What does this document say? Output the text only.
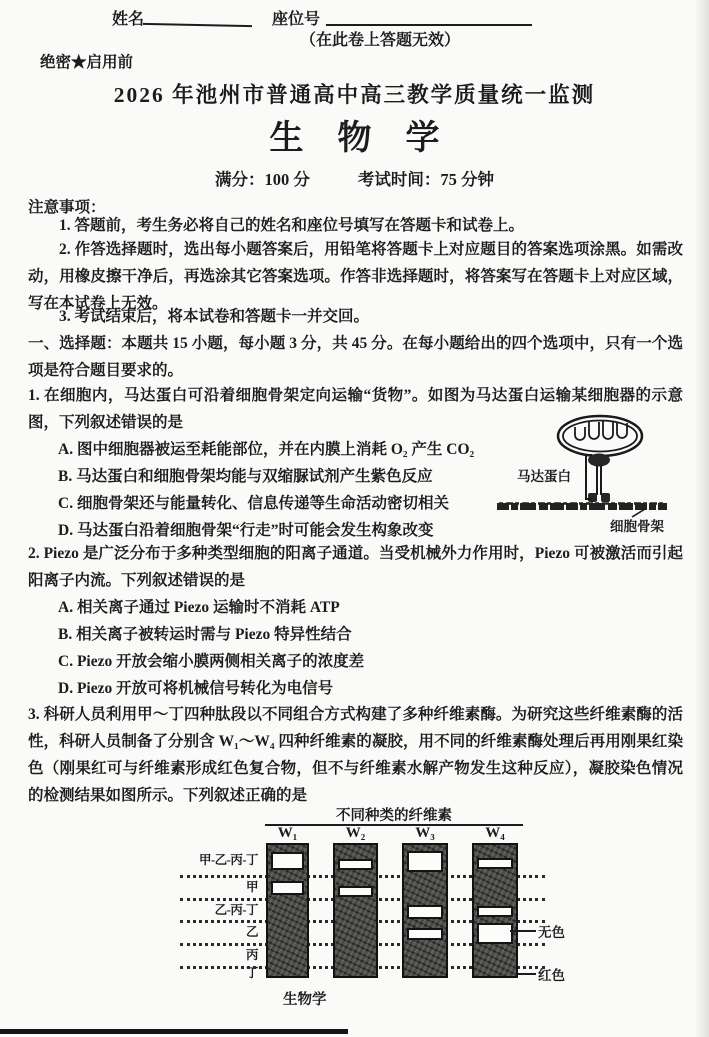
姓名	座位号
（在此卷上答题无效）
绝密★启用前
2026 年池州市普通高中高三教学质量统一监测
生　物　学
满分：100 分	考试时间：75 分钟

注意事项：

1. 答题前，考生务必将自己的姓名和座位号填写在答题卡和试卷上。

2. 作答选择题时，选出每小题答案后，用铅笔将答题卡上对应题目的答案选项涂黑。如需改动，用橡皮擦干净后，再选涂其它答案选项。作答非选择题时，将答案写在答题卡上对应区域，写在本试卷上无效。

3. 考试结束后，将本试卷和答题卡一并交回。

一、选择题：本题共 15 小题，每小题 3 分，共 45 分。在每小题给出的四个选项中，只有一个选项是符合题目要求的。

1. 在细胞内，马达蛋白可沿着细胞骨架定向运输“货物”。如图为马达蛋白运输某细胞器的示意图，下列叙述错误的是

A. 图中细胞器被运至耗能部位，并在内膜上消耗 O₂ 产生 CO₂

B. 马达蛋白和细胞骨架均能与双缩脲试剂产生紫色反应

C. 细胞骨架还与能量转化、信息传递等生命活动密切相关

D. 马达蛋白沿着细胞骨架“行走”时可能会发生构象改变

马达蛋白
细胞骨架

2. Piezo 是广泛分布于多种类型细胞的阳离子通道。当受机械外力作用时，Piezo 可被激活而引起阳离子内流。下列叙述错误的是

A. 相关离子通过 Piezo 运输时不消耗 ATP

B. 相关离子被转运时需与 Piezo 特异性结合

C. Piezo 开放会缩小膜两侧相关离子的浓度差

D. Piezo 开放可将机械信号转化为电信号

3. 科研人员利用甲～丁四种肽段以不同组合方式构建了多种纤维素酶。为研究这些纤维素酶的活性，科研人员制备了分别含 W₁～W₄ 四种纤维素的凝胶，用不同的纤维素酶处理后再用刚果红染色（刚果红可与纤维素形成红色复合物，但不与纤维素水解产物发生这种反应），凝胶染色情况的检测结果如图所示。下列叙述正确的是

不同种类的纤维素
无色
红色
W₁	W₂	W₃	W₄
甲-乙-丙-丁
甲
乙-丙-丁
乙
丙
丁
生物学
